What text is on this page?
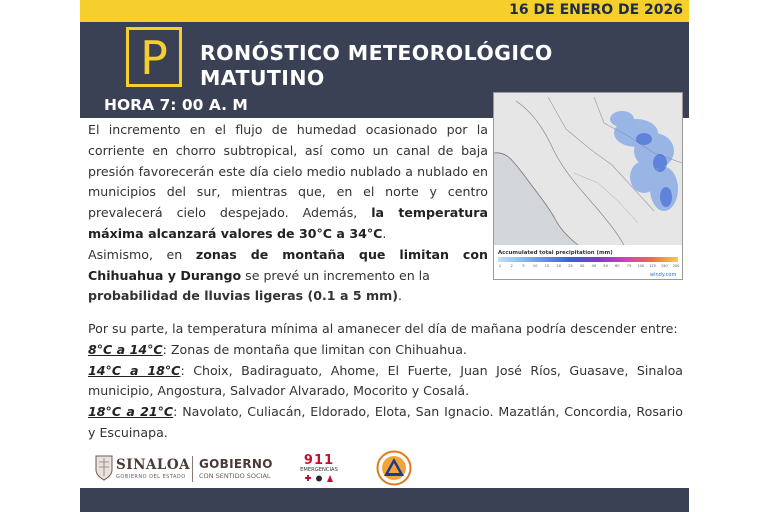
16 DE ENERO DE 2026
P	RONÓSTICO METEOROLÓGICO
MATUTINO
HORA 7: 00 A. M
Accumulated total precipitation (mm)
1	2	5 10 15 20 25 30 40 50 60 75 100 125 150 200
windy.com
El incremento en el flujo de humedad ocasionado por la corriente en chorro subtropical, así como un canal de baja presión favorecerán este día cielo medio nublado a nublado en municipios del sur, mientras que, en el norte y centro prevalecerá cielo despejado. Además, la temperatura máxima alcanzará valores de 30°C a 34°C.
Asimismo, en zonas de montaña que limitan con Chihuahua y Durango se prevé un incremento en la
probabilidad de lluvias ligeras (0.1 a 5 mm).
Por su parte, la temperatura mínima al amanecer del día de mañana podría descender entre:
8°C a 14°C: Zonas de montaña que limitan con Chihuahua.
14°C a 18°C: Choix, Badiraguato, Ahome, El Fuerte, Juan José Ríos, Guasave, Sinaloa municipio, Angostura, Salvador Alvarado, Mocorito y Cosalá.
18°C a 21°C: Navolato, Culiacán, Eldorado, Elota, San Ignacio. Mazatlán, Concordia, Rosario y Escuinapa.
SINALOA
GOBIERNO DEL ESTADO
GOBIERNO
CON SENTIDO SOCIAL
911
EMERGENCIAS
